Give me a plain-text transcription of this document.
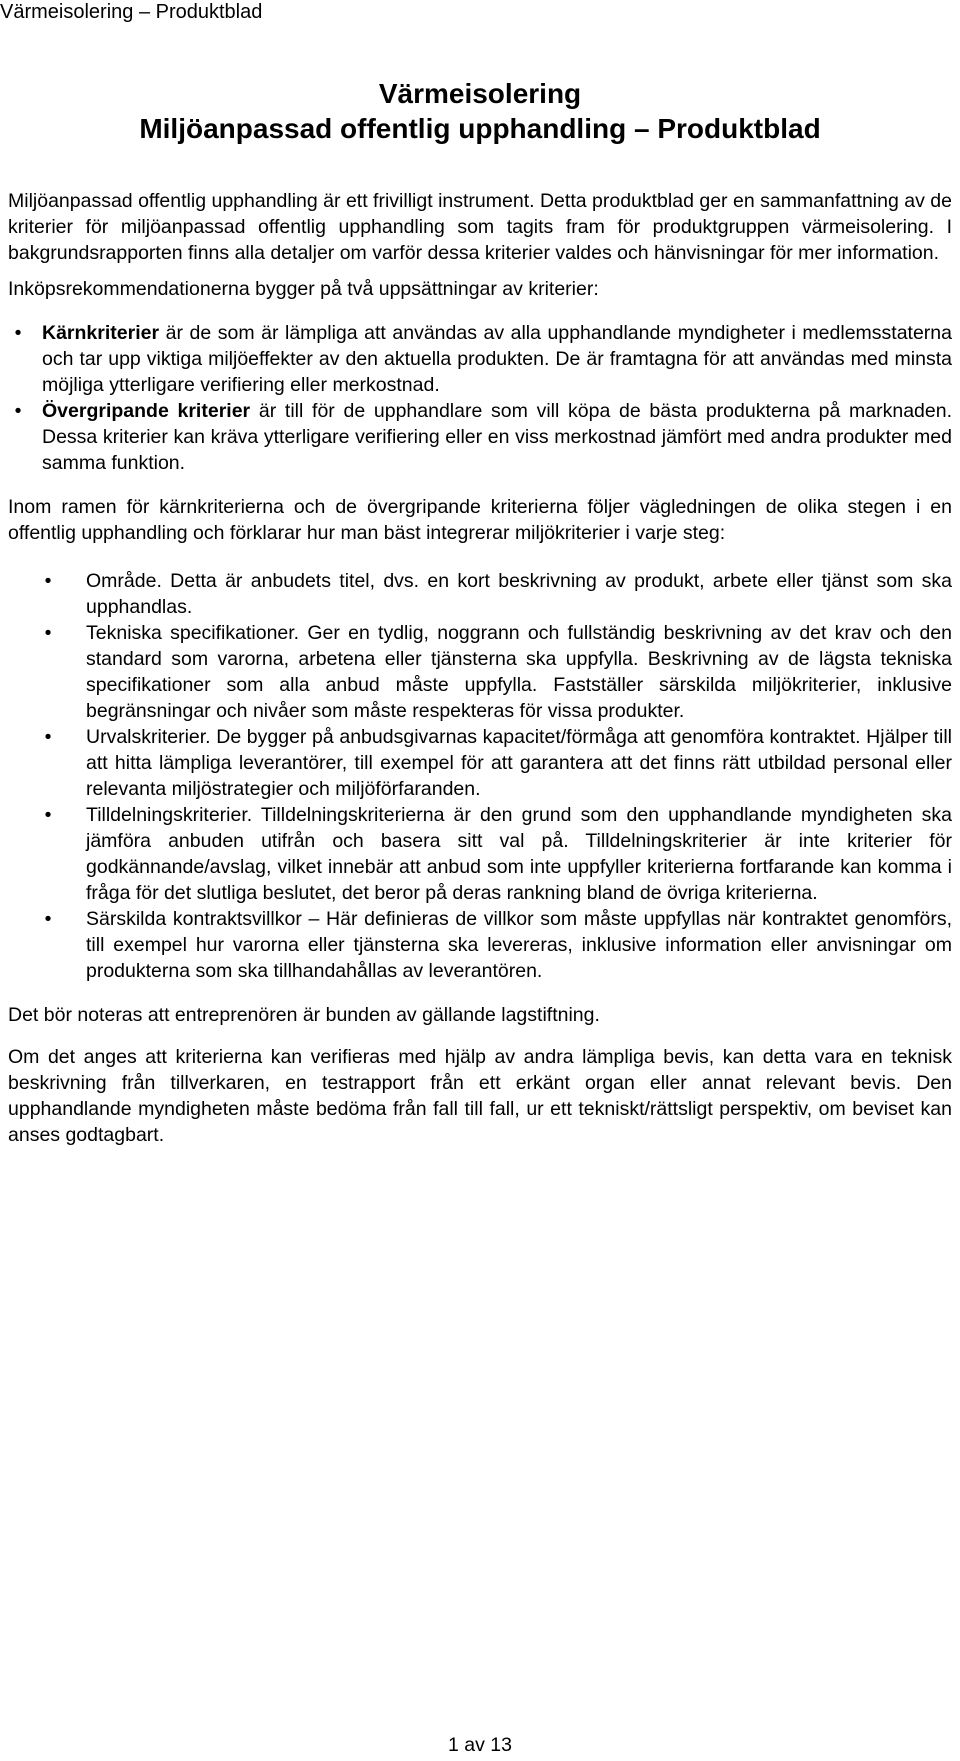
Värmeisolering – Produktblad
Värmeisolering
Miljöanpassad offentlig upphandling – Produktblad

Miljöanpassad offentlig upphandling är ett frivilligt instrument. Detta produktblad ger en sammanfattning av de kriterier för miljöanpassad offentlig upphandling som tagits fram för produktgruppen värmeisolering. I bakgrundsrapporten finns alla detaljer om varför dessa kriterier valdes och hänvisningar för mer information.

Inköpsrekommendationerna bygger på två uppsättningar av kriterier:

•	Kärnkriterier är de som är lämpliga att användas av alla upphandlande myndigheter i medlemsstaterna och tar upp viktiga miljöeffekter av den aktuella produkten. De är framtagna för att användas med minsta möjliga ytterligare verifiering eller merkostnad.
•	Övergripande kriterier är till för de upphandlare som vill köpa de bästa produkterna på marknaden. Dessa kriterier kan kräva ytterligare verifiering eller en viss merkostnad jämfört med andra produkter med samma funktion.

Inom ramen för kärnkriterierna och de övergripande kriterierna följer vägledningen de olika stegen i en offentlig upphandling och förklarar hur man bäst integrerar miljökriterier i varje steg:

•	Område. Detta är anbudets titel, dvs. en kort beskrivning av produkt, arbete eller tjänst som ska upphandlas.
•	Tekniska specifikationer. Ger en tydlig, noggrann och fullständig beskrivning av det krav och den standard som varorna, arbetena eller tjänsterna ska uppfylla. Beskrivning av de lägsta tekniska specifikationer som alla anbud måste uppfylla. Fastställer särskilda miljökriterier, inklusive begränsningar och nivåer som måste respekteras för vissa produkter.
•	Urvalskriterier. De bygger på anbudsgivarnas kapacitet/förmåga att genomföra kontraktet. Hjälper till att hitta lämpliga leverantörer, till exempel för att garantera att det finns rätt utbildad personal eller relevanta miljöstrategier och miljöförfaranden.
•	Tilldelningskriterier. Tilldelningskriterierna är den grund som den upphandlande myndigheten ska jämföra anbuden utifrån och basera sitt val på. Tilldelningskriterier är inte kriterier för godkännande/avslag, vilket innebär att anbud som inte uppfyller kriterierna fortfarande kan komma i fråga för det slutliga beslutet, det beror på deras rankning bland de övriga kriterierna.
•	Särskilda kontraktsvillkor – Här definieras de villkor som måste uppfyllas när kontraktet genomförs, till exempel hur varorna eller tjänsterna ska levereras, inklusive information eller anvisningar om produkterna som ska tillhandahållas av leverantören.

Det bör noteras att entreprenören är bunden av gällande lagstiftning.

Om det anges att kriterierna kan verifieras med hjälp av andra lämpliga bevis, kan detta vara en teknisk beskrivning från tillverkaren, en testrapport från ett erkänt organ eller annat relevant bevis. Den upphandlande myndigheten måste bedöma från fall till fall, ur ett tekniskt/rättsligt perspektiv, om beviset kan anses godtagbart.

1 av 13
